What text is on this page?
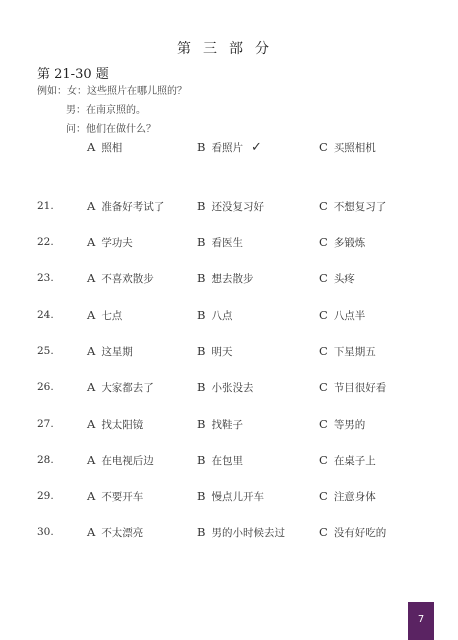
第三部分
第 21-30 题
例如：女：这些照片在哪儿照的？
男：在南京照的。
问：他们在做什么？
A 照相	B 看照片 ✓	C 买照相机
21.	A 准备好考试了	B 还没复习好	C 不想复习了
22.	A 学功夫	B 看医生	C 多锻炼
23.	A 不喜欢散步	B 想去散步	C 头疼
24.	A 七点	B 八点	C 八点半
25.	A 这星期	B 明天	C 下星期五
26.	A 大家都去了	B 小张没去	C 节目很好看
27.	A 找太阳镜	B 找鞋子	C 等男的
28.	A 在电视后边	B 在包里	C 在桌子上
29.	A 不要开车	B 慢点儿开车	C 注意身体
30.	A 不太漂亮	B 男的小时候去过	C 没有好吃的
7
